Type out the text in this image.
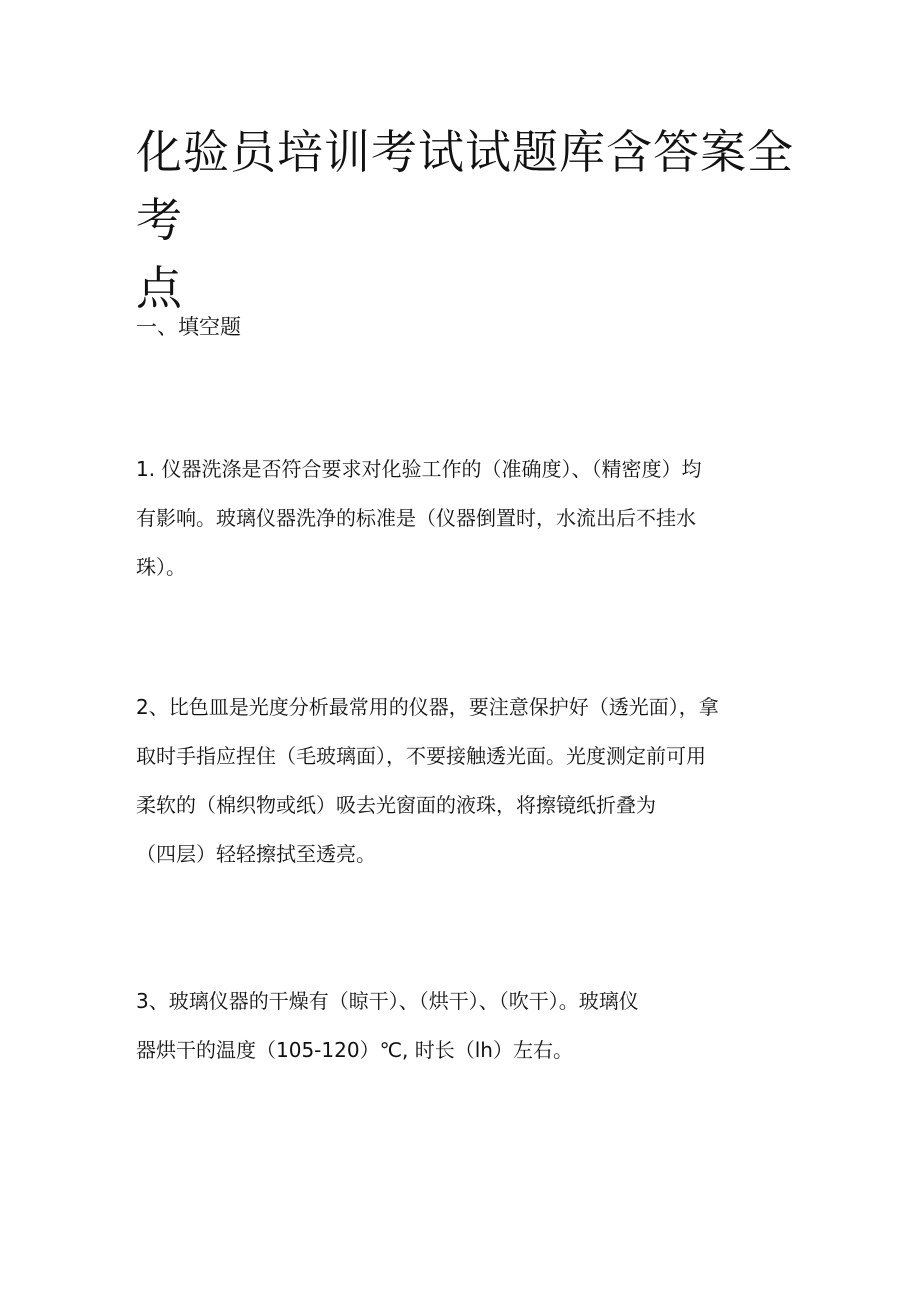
化验员培训考试试题库含答案全考
点
一、填空题

1. 仪器洗涤是否符合要求对化验工作的（准确度）、（精密度）均
有影响。玻璃仪器洗净的标准是（仪器倒置时，水流出后不挂水
珠）。

2、比色皿是光度分析最常用的仪器，要注意保护好（透光面），拿
取时手指应捏住（毛玻璃面），不要接触透光面。光度测定前可用
柔软的（棉织物或纸）吸去光窗面的液珠，将擦镜纸折叠为
（四层）轻轻擦拭至透亮。

3、玻璃仪器的干燥有（晾干）、（烘干）、（吹干）。玻璃仪
器烘干的温度（105-120）℃, 时长（lh）左右。
